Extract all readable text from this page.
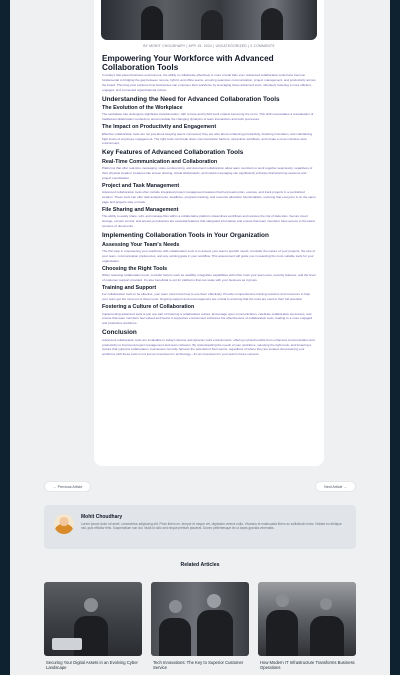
BY MOHIT CHOUDHARY | APR 15, 2024 | UNCATEGORIZED | 0 COMMENTS
Empowering Your Workforce with Advanced Collaboration Tools
In today's fast-paced business environment, the ability to collaborate effectively is more crucial than ever. Advanced collaboration tools have become fundamental to bridging the gap between remote, hybrid, and office teams, ensuring seamless communication, project management, and productivity across the board. This blog post explores how businesses can empower their workforce by leveraging these advanced tools, ultimately fostering a more efficient, engaged, and connected organizational culture.
Understanding the Need for Advanced Collaboration Tools
The Evolution of the Workplace
The workplace has undergone significant transformation, with remote and hybrid work models becoming the norm. This shift necessitates a reevaluation of traditional collaboration methods to accommodate the changing dynamics of team interactions and work processes.
The Impact on Productivity and Engagement
Effective collaboration tools are not just about keeping teams connected; they are also about enhancing productivity, fostering innovation, and maintaining high levels of employee engagement. The right tools can break down communication barriers, streamline workflows, and create a more inclusive work environment.
Key Features of Advanced Collaboration Tools
Real-Time Communication and Collaboration
Platforms that offer real-time messaging, video conferencing, and document collaboration allow team members to work together seamlessly, regardless of their physical location. Features like screen sharing, virtual whiteboards, and instant messaging can significantly enhance brainstorming sessions and project coordination.
Project and Task Management
Advanced collaboration tools often include integrated project management features that help teams plan, execute, and track projects in a centralized location. These tools can offer task assignments, deadlines, progress tracking, and resource allocation functionalities, ensuring that everyone is on the same page and projects stay on track.
File Sharing and Management
The ability to easily share, edit, and manage files within a collaborative platform streamlines workflows and reduces the risk of data silos. Secure cloud storage, version control, and access permissions are essential features that safeguard information and ensure that team members have access to the latest versions of documents.
Implementing Collaboration Tools in Your Organization
Assessing Your Team's Needs
The first step in empowering your workforce with collaboration tools is to assess your team's specific needs. Consider the nature of your projects, the size of your team, communication preferences, and any existing gaps in your workflow. This assessment will guide you in selecting the most suitable tools for your organization.
Choosing the Right Tools
When selecting collaboration tools, consider factors such as usability, integration capabilities with other tools your team uses, security features, and the level of customer support provided. It's also beneficial to opt for platforms that can scale with your business as it grows.
Training and Support
For collaboration tools to be effective, your team must know how to use them effectively. Provide comprehensive training sessions and resources to help your team get the most out of these tools. Ongoing support and encouragement are crucial to ensuring that the tools are used to their full potential.
Fostering a Culture of Collaboration
Implementing advanced tools is just one part of fostering a collaborative culture. Encourage open communication, celebrate collaborative successes, and ensure that team members feel valued and heard. A supportive environment enhances the effectiveness of collaboration tools, leading to a more engaged and productive workforce.
Conclusion
Advanced collaboration tools are invaluable in today's diverse and dynamic work environments, offering myriad benefits from enhanced communication and productivity to improved project management and team cohesion. By understanding the needs of your workforce, selecting the right tools, and fostering a culture that supports collaboration, businesses can fully harness the potential of their teams, regardless of where they are located. Empowering your workforce with these tools is not just an investment in technology—it's an investment in your team's future success.
← Previous Article	Next Article →
Mohit Choudhary
Lorem ipsum dolor sit amet, consectetur adipiscing elit. Proin libero ex, tempor et neque vel, dignissim viverra nulla. Vivamus et malesuada libero ac sollicitudin tortor. Nullam eu tristique nisl, quis efficitur felis. Suspendisse non dui. Nulla id odio sed neque pretium placerat. Donec pellentesque leo a turpis gravida venenatis.
Related Articles
Securing Your Digital Assets in an Evolving Cyber Landscape
Tech Innovations: The Key to Superior Customer Service
How Modern IT Infrastructure Transforms Business Operations
